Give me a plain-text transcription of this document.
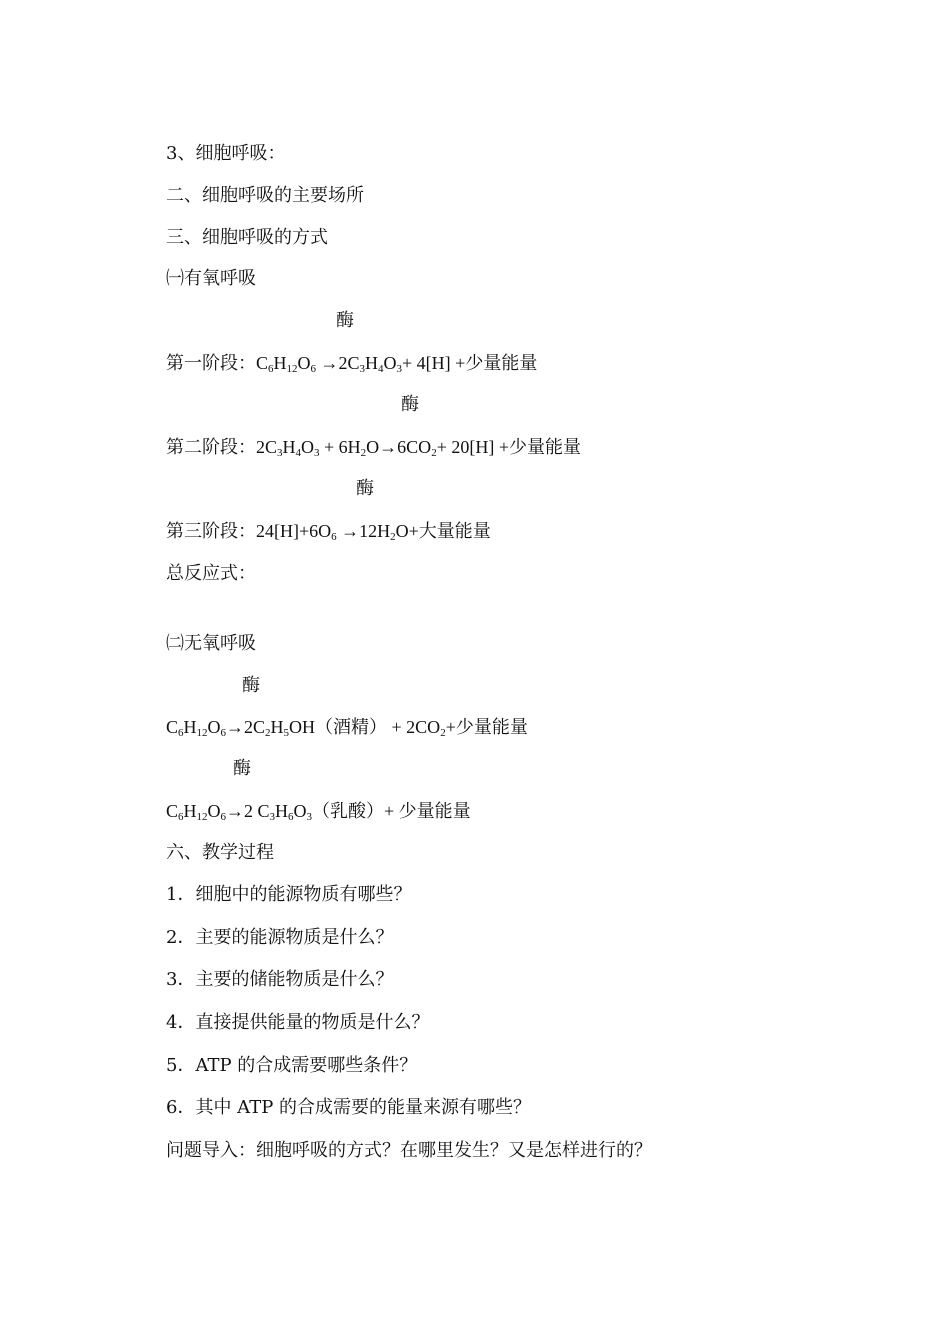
3、细胞呼吸：
二、细胞呼吸的主要场所
三、细胞呼吸的方式
㈠有氧呼吸
酶
第一阶段：$C_6H_{12}O_6 \to 2C_3H_4O_3+ 4[H]$ +少量能量
酶
第二阶段：$2C_3H_4O_3 + 6H_2O\to 6CO_2+ 20[H]$ +少量能量
酶
第三阶段：$24[H]+6O_6 \to 12H_2O+$大量能量
总反应式：
㈡无氧呼吸
酶
$C_6H_{12}O_6\to 2C_2H_5OH$（酒精） + $2CO_2+$少量能量
酶
$C_6H_{12}O_6\to 2$ $C_3H_6O_3$（乳酸）+ 少量能量
六、教学过程
1．细胞中的能源物质有哪些？
2．主要的能源物质是什么？
3．主要的储能物质是什么？
4．直接提供能量的物质是什么？
5．ATP 的合成需要哪些条件？
6．其中 ATP 的合成需要的能量来源有哪些？
问题导入：细胞呼吸的方式？在哪里发生？又是怎样进行的？
